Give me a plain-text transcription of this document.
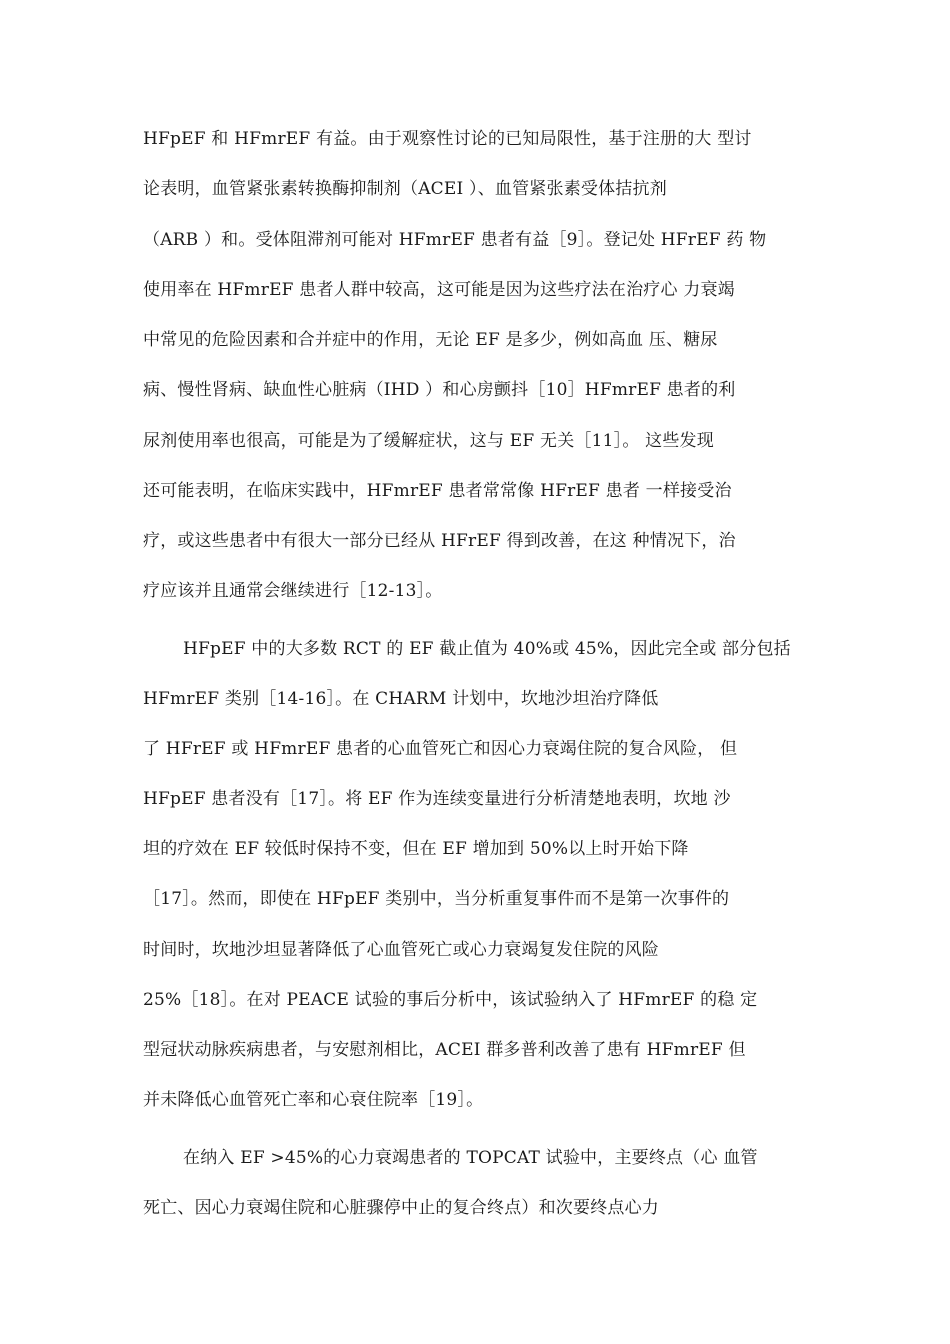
HFpEF 和 HFmrEF 有益。由于观察性讨论的已知局限性，基于注册的大 型讨
论表明，血管紧张素转换酶抑制剂（ACEI ）、血管紧张素受体拮抗剂
（ARB ）和。受体阻滞剂可能对 HFmrEF 患者有益［9］。登记处 HFrEF 药 物
使用率在 HFmrEF 患者人群中较高，这可能是因为这些疗法在治疗心 力衰竭
中常见的危险因素和合并症中的作用，无论 EF 是多少，例如高血 压、糖尿
病、慢性肾病、缺血性心脏病（IHD ）和心房颤抖［10］HFmrEF 患者的利
尿剂使用率也很高，可能是为了缓解症状，这与 EF 无关［11］。 这些发现
还可能表明，在临床实践中，HFmrEF 患者常常像 HFrEF 患者 一样接受治
疗，或这些患者中有很大一部分已经从 HFrEF 得到改善，在这 种情况下，治
疗应该并且通常会继续进行［12-13］。
HFpEF 中的大多数 RCT 的 EF 截止值为 40%或 45%，因此完全或 部分包括
HFmrEF 类别［14-16］。在 CHARM 计划中，坎地沙坦治疗降低
了 HFrEF 或 HFmrEF 患者的心血管死亡和因心力衰竭住院的复合风险， 但
HFpEF 患者没有［17］。将 EF 作为连续变量进行分析清楚地表明，坎地 沙
坦的疗效在 EF 较低时保持不变，但在 EF 增加到 50%以上时开始下降
［17］。然而，即使在 HFpEF 类别中，当分析重复事件而不是第一次事件的
时间时，坎地沙坦显著降低了心血管死亡或心力衰竭复发住院的风险
25%［18］。在对 PEACE 试验的事后分析中，该试验纳入了 HFmrEF 的稳 定
型冠状动脉疾病患者，与安慰剂相比，ACEI 群多普利改善了患有 HFmrEF 但
并未降低心血管死亡率和心衰住院率［19］。
在纳入 EF >45%的心力衰竭患者的 TOPCAT 试验中，主要终点（心 血管
死亡、因心力衰竭住院和心脏骤停中止的复合终点）和次要终点心力
